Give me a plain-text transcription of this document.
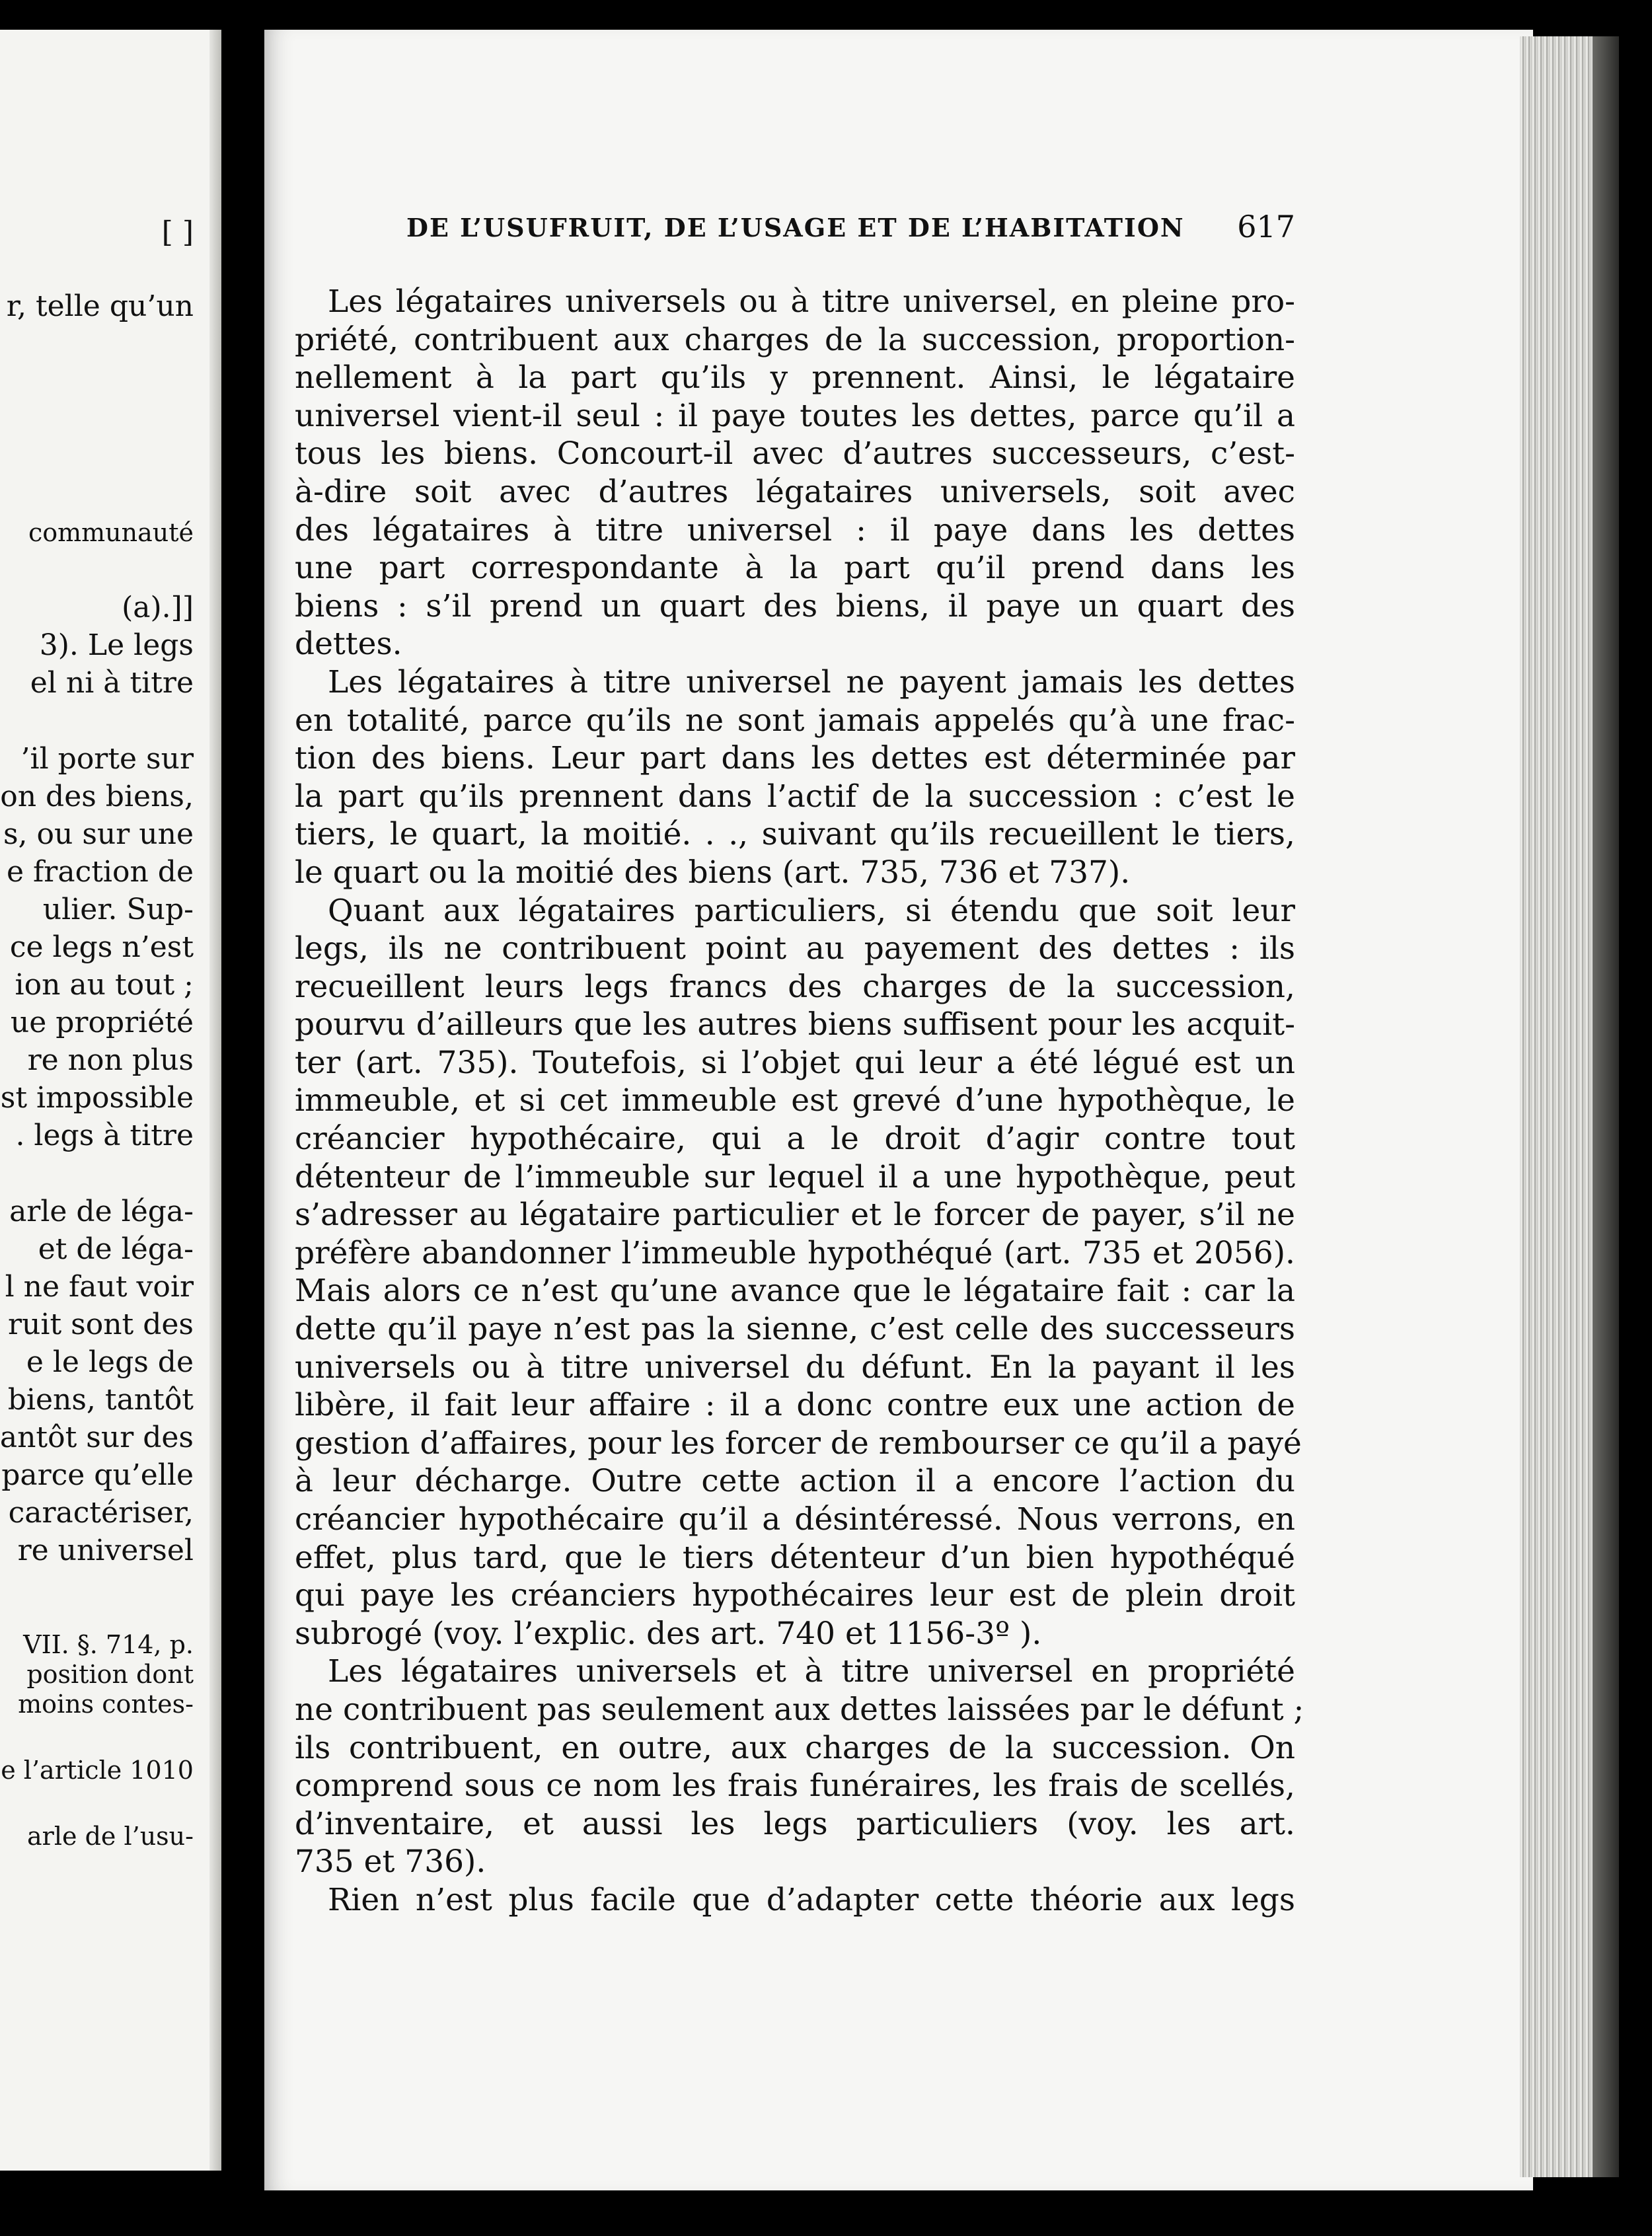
[ ]
r, telle qu’un
communauté
(a).]]
3). Le legs
el ni à titre
’il porte sur
on des biens,
s, ou sur une
e fraction de
ulier. Sup-
ce legs n’est
ion au tout ;
ue propriété
re non plus
st impossible
. legs à titre
arle de léga-
et de léga-
l ne faut voir
ruit sont des
e le legs de
biens, tantôt
antôt sur des
parce qu’elle
caractériser,
re universel
VII. §. 714, p.
position dont
moins contes-
e l’article 1010
arle de l’usu-
DE L’USUFRUIT, DE L’USAGE ET DE L’HABITATION 617
Les légataires universels ou à titre universel, en pleine pro-
priété, contribuent aux charges de la succession, proportion-
nellement à la part qu’ils y prennent. Ainsi, le légataire
universel vient-il seul : il paye toutes les dettes, parce qu’il a
tous les biens. Concourt-il avec d’autres successeurs, c’est-
à-dire soit avec d’autres légataires universels, soit avec
des légataires à titre universel : il paye dans les dettes
une part correspondante à la part qu’il prend dans les
biens : s’il prend un quart des biens, il paye un quart des
dettes.
Les légataires à titre universel ne payent jamais les dettes
en totalité, parce qu’ils ne sont jamais appelés qu’à une frac-
tion des biens. Leur part dans les dettes est déterminée par
la part qu’ils prennent dans l’actif de la succession : c’est le
tiers, le quart, la moitié. . ., suivant qu’ils recueillent le tiers,
le quart ou la moitié des biens (art. 735, 736 et 737).
Quant aux légataires particuliers, si étendu que soit leur
legs, ils ne contribuent point au payement des dettes : ils
recueillent leurs legs francs des charges de la succession,
pourvu d’ailleurs que les autres biens suffisent pour les acquit-
ter (art. 735). Toutefois, si l’objet qui leur a été légué est un
immeuble, et si cet immeuble est grevé d’une hypothèque, le
créancier hypothécaire, qui a le droit d’agir contre tout
détenteur de l’immeuble sur lequel il a une hypothèque, peut
s’adresser au légataire particulier et le forcer de payer, s’il ne
préfère abandonner l’immeuble hypothéqué (art. 735 et 2056).
Mais alors ce n’est qu’une avance que le légataire fait : car la
dette qu’il paye n’est pas la sienne, c’est celle des successeurs
universels ou à titre universel du défunt. En la payant il les
libère, il fait leur affaire : il a donc contre eux une action de
gestion d’affaires, pour les forcer de rembourser ce qu’il a payé
à leur décharge. Outre cette action il a encore l’action du
créancier hypothécaire qu’il a désintéressé. Nous verrons, en
effet, plus tard, que le tiers détenteur d’un bien hypothéqué
qui paye les créanciers hypothécaires leur est de plein droit
subrogé (voy. l’explic. des art. 740 et 1156-3º ).
Les légataires universels et à titre universel en propriété
ne contribuent pas seulement aux dettes laissées par le défunt ;
ils contribuent, en outre, aux charges de la succession. On
comprend sous ce nom les frais funéraires, les frais de scellés,
d’inventaire, et aussi les legs particuliers (voy. les art.
735 et 736).
Rien n’est plus facile que d’adapter cette théorie aux legs
